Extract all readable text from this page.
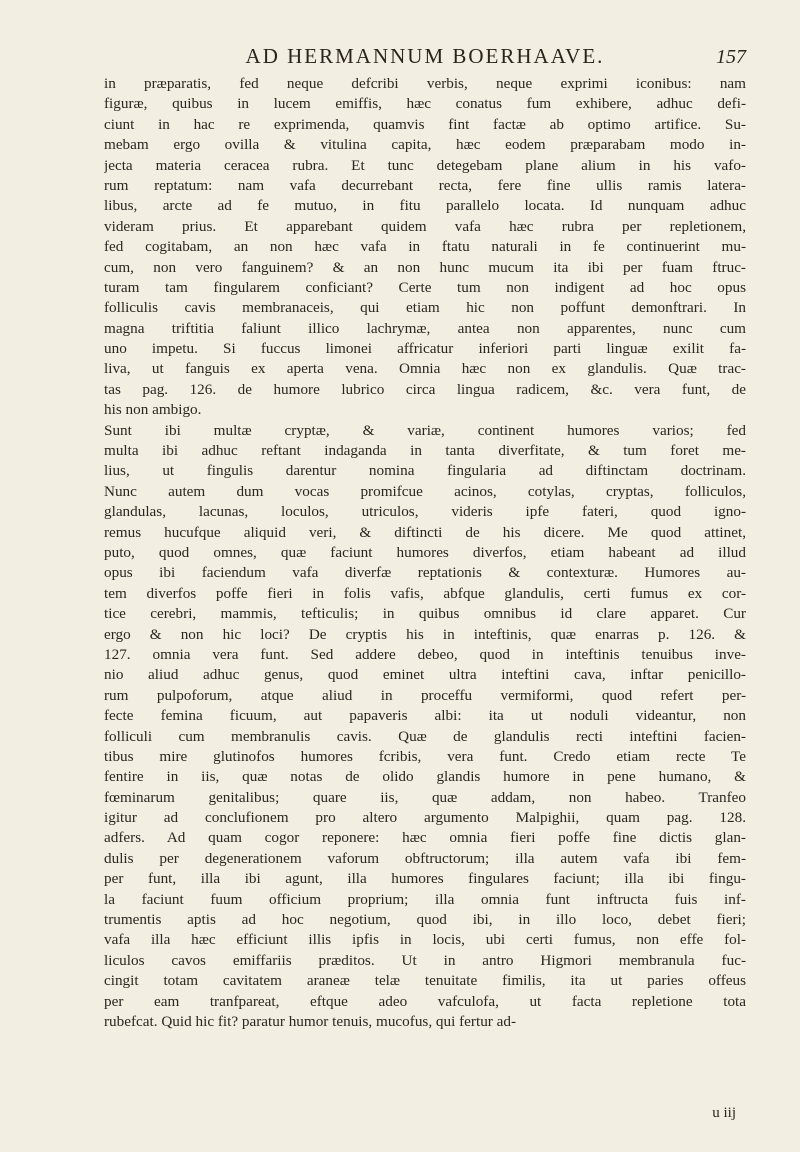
AD HERMANNUM BOERHAAVE.	157
in præparatis, fed neque defcribi verbis, neque exprimi iconibus: nam
figuræ, quibus in lucem emiffis, hæc conatus fum exhibere, adhuc defi-
ciunt in hac re exprimenda, quamvis fint factæ ab optimo artifice. Su-
mebam ergo ovilla & vitulina capita, hæc eodem præparabam modo in-
jecta materia ceracea rubra. Et tunc detegebam plane alium in his vafo-
rum reptatum: nam vafa decurrebant recta, fere fine ullis ramis latera-
libus, arcte ad fe mutuo, in fitu parallelo locata. Id nunquam adhuc
videram prius. Et apparebant quidem vafa hæc rubra per repletionem,
fed cogitabam, an non hæc vafa in ftatu naturali in fe continuerint mu-
cum, non vero fanguinem? & an non hunc mucum ita ibi per fuam ftruc-
turam tam fingularem conficiant? Certe tum non indigent ad hoc opus
folliculis cavis membranaceis, qui etiam hic non poffunt demonftrari. In
magna triftitia faliunt illico lachrymæ, antea non apparentes, nunc cum
uno impetu. Si fuccus limonei affricatur inferiori parti linguæ exilit fa-
liva, ut fanguis ex aperta vena. Omnia hæc non ex glandulis. Quæ trac-
tas pag. 126. de humore lubrico circa lingua radicem, &c. vera funt, de
his non ambigo.
Sunt ibi multæ cryptæ, & variæ, continent humores varios; fed
multa ibi adhuc reftant indaganda in tanta diverfitate, & tum foret me-
lius, ut fingulis darentur nomina fingularia ad diftinctam doctrinam.
Nunc autem dum vocas promifcue acinos, cotylas, cryptas, folliculos,
glandulas, lacunas, loculos, utriculos, videris ipfe fateri, quod igno-
remus hucufque aliquid veri, & diftincti de his dicere. Me quod attinet,
puto, quod omnes, quæ faciunt humores diverfos, etiam habeant ad illud
opus ibi faciendum vafa diverfæ reptationis & contexturæ. Humores au-
tem diverfos poffe fieri in folis vafis, abfque glandulis, certi fumus ex cor-
tice cerebri, mammis, tefticulis; in quibus omnibus id clare apparet. Cur
ergo & non hic loci? De cryptis his in inteftinis, quæ enarras p. 126. &
127. omnia vera funt. Sed addere debeo, quod in inteftinis tenuibus inve-
nio aliud adhuc genus, quod eminet ultra inteftini cava, inftar penicillo-
rum pulpoforum, atque aliud in proceffu vermiformi, quod refert per-
fecte femina ficuum, aut papaveris albi: ita ut noduli videantur, non
folliculi cum membranulis cavis. Quæ de glandulis recti inteftini facien-
tibus mire glutinofos humores fcribis, vera funt. Credo etiam recte Te
fentire in iis, quæ notas de olido glandis humore in pene humano, &
fœminarum genitalibus; quare iis, quæ addam, non habeo. Tranfeo
igitur ad conclufionem pro altero argumento Malpighii, quam pag. 128.
adfers. Ad quam cogor reponere: hæc omnia fieri poffe fine dictis glan-
dulis per degenerationem vaforum obftructorum; illa autem vafa ibi fem-
per funt, illa ibi agunt, illa humores fingulares faciunt; illa ibi fingu-
la faciunt fuum officium proprium; illa omnia funt inftructa fuis inf-
trumentis aptis ad hoc negotium, quod ibi, in illo loco, debet fieri;
vafa illa hæc efficiunt illis ipfis in locis, ubi certi fumus, non effe fol-
liculos cavos emiffariis præditos. Ut in antro Higmori membranula fuc-
cingit totam cavitatem araneæ telæ tenuitate fimilis, ita ut paries offeus
per eam tranfpareat, eftque adeo vafculofa, ut facta repletione tota
rubefcat. Quid hic fit? paratur humor tenuis, mucofus, qui fertur ad-
u iij
